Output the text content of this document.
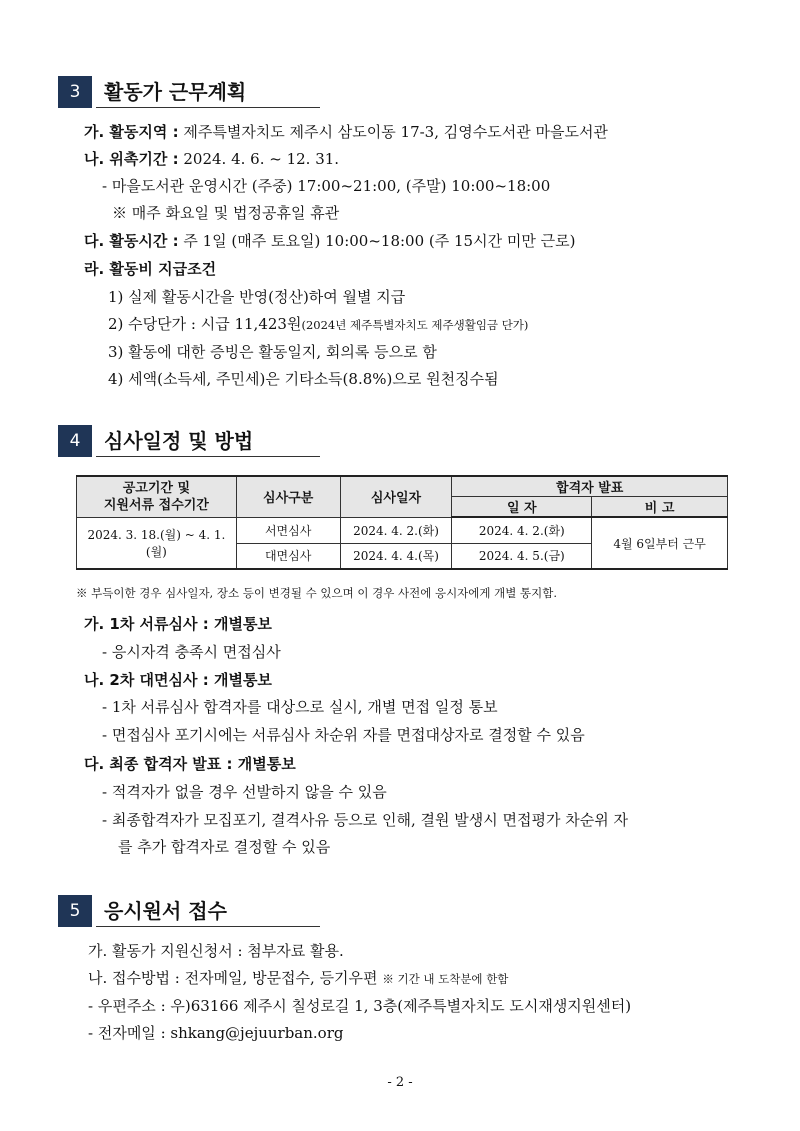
3	활동가 근무계획
가. 활동지역 : 제주특별자치도 제주시 삼도이동 17-3, 김영수도서관 마을도서관
나. 위촉기간 : 2024. 4. 6. ~ 12. 31.
- 마을도서관 운영시간 (주중) 17:00~21:00, (주말) 10:00~18:00
※ 매주 화요일 및 법정공휴일 휴관
다. 활동시간 : 주 1일 (매주 토요일) 10:00~18:00 (주 15시간 미만 근로)
라. 활동비 지급조건
1) 실제 활동시간을 반영(정산)하여 월별 지급
2) 수당단가 : 시급 11,423원(2024년 제주특별자치도 제주생활임금 단가)
3) 활동에 대한 증빙은 활동일지, 회의록 등으로 함
4) 세액(소득세, 주민세)은 기타소득(8.8%)으로 원천징수됨
4	심사일정 및 방법
공고기간 및
지원서류 접수기간	심사구분	심사일자	합격자 발표	
			일 자	비 고
2024. 3. 18.(월) ~ 4. 1.(월)	서면심사	2024. 4. 2.(화)	2024. 4. 2.(화)	4월 6일부터 근무
	대면심사	2024. 4. 4.(목)	2024. 4. 5.(금)	
※ 부득이한 경우 심사일자, 장소 등이 변경될 수 있으며 이 경우 사전에 응시자에게 개별 통지함.
가. 1차 서류심사 : 개별통보
- 응시자격 충족시 면접심사
나. 2차 대면심사 : 개별통보
- 1차 서류심사 합격자를 대상으로 실시, 개별 면접 일정 통보
- 면접심사 포기시에는 서류심사 차순위 자를 면접대상자로 결정할 수 있음
다. 최종 합격자 발표 : 개별통보
- 적격자가 없을 경우 선발하지 않을 수 있음
- 최종합격자가 모집포기, 결격사유 등으로 인해, 결원 발생시 면접평가 차순위 자
를 추가 합격자로 결정할 수 있음
5	응시원서 접수
가. 활동가 지원신청서 : 첨부자료 활용.
나. 접수방법 : 전자메일, 방문접수, 등기우편 ※ 기간 내 도착분에 한함
- 우편주소 : 우)63166 제주시 칠성로길 1, 3층(제주특별자치도 도시재생지원센터)
- 전자메일 : shkang@jejuurban.org
- 2 -
